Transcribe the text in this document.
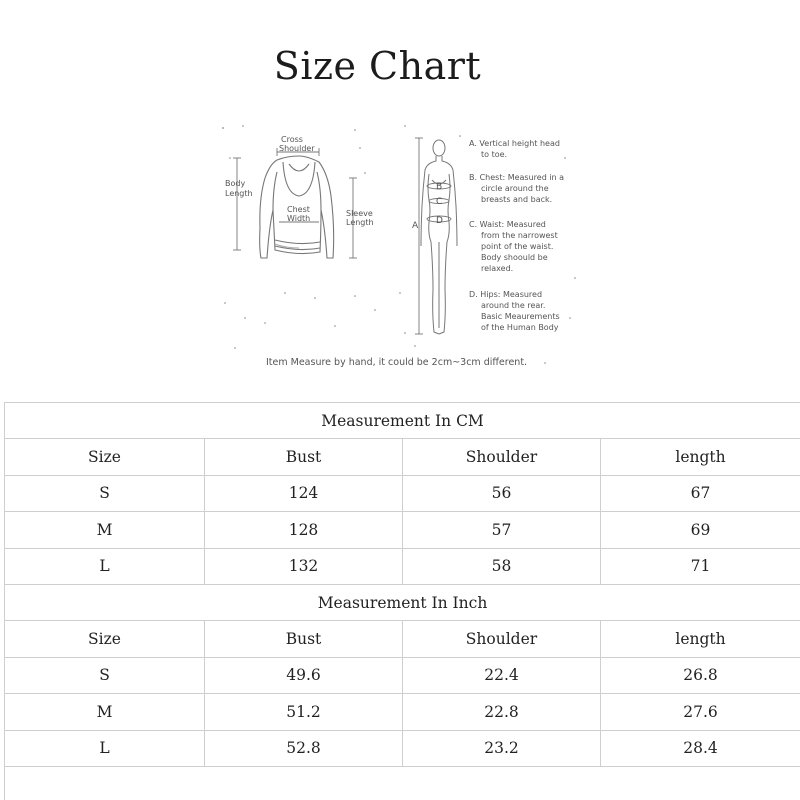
Size Chart
Cross
Shoulder
Body
Length
Chest
Width
Sleeve
Length
B
C
D
A
A. Vertical height head
to toe.
B. Chest: Measured in a
circle around the
breasts and back.
C. Waist: Measured
from the narrowest
point of the waist.
Body shoould be
relaxed.
D. Hips: Measured
around the rear.
Basic Meaurements
of the Human Body
Item Measure by hand, it could be 2cm~3cm different.
Measurement In CM			
Size	Bust	Shoulder	length
S	124	56	67
M	128	57	69
L	132	58	71
Measurement In Inch			
Size	Bust	Shoulder	length
S	49.6	22.4	26.8
M	51.2	22.8	27.6
L	52.8	23.2	28.4
